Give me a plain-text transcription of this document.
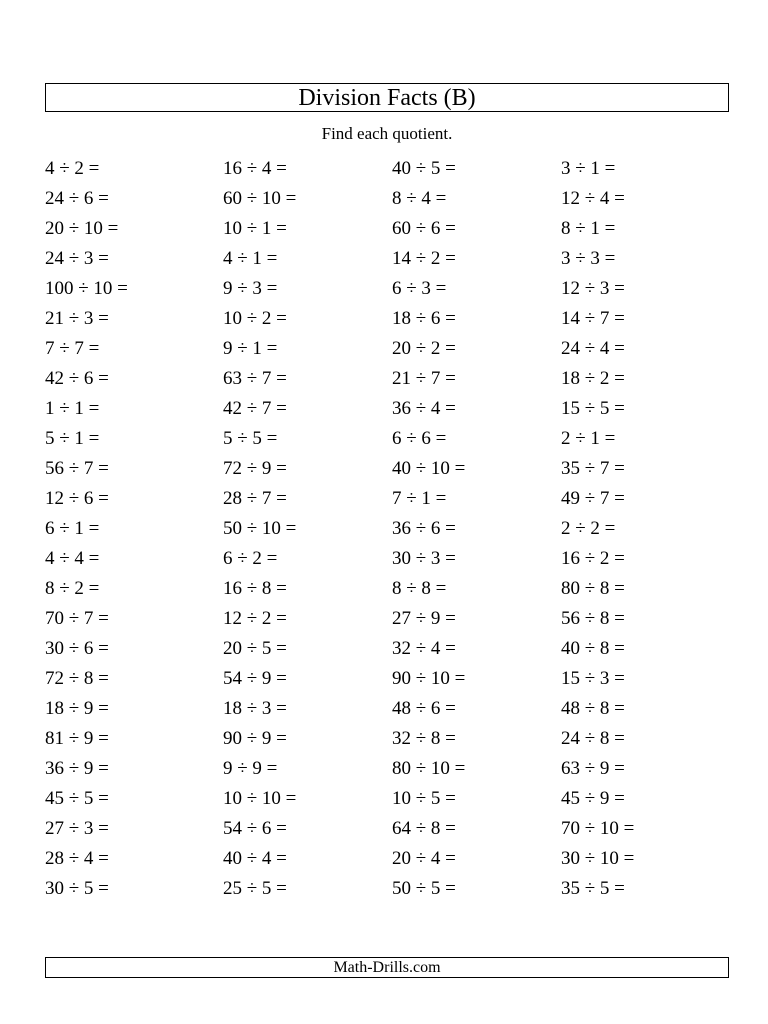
Division Facts (B)
Find each quotient.
4 ÷ 2 =
24 ÷ 6 =
20 ÷ 10 =
24 ÷ 3 =
100 ÷ 10 =
21 ÷ 3 =
7 ÷ 7 =
42 ÷ 6 =
1 ÷ 1 =
5 ÷ 1 =
56 ÷ 7 =
12 ÷ 6 =
6 ÷ 1 =
4 ÷ 4 =
8 ÷ 2 =
70 ÷ 7 =
30 ÷ 6 =
72 ÷ 8 =
18 ÷ 9 =
81 ÷ 9 =
36 ÷ 9 =
45 ÷ 5 =
27 ÷ 3 =
28 ÷ 4 =
30 ÷ 5 =
16 ÷ 4 =
60 ÷ 10 =
10 ÷ 1 =
4 ÷ 1 =
9 ÷ 3 =
10 ÷ 2 =
9 ÷ 1 =
63 ÷ 7 =
42 ÷ 7 =
5 ÷ 5 =
72 ÷ 9 =
28 ÷ 7 =
50 ÷ 10 =
6 ÷ 2 =
16 ÷ 8 =
12 ÷ 2 =
20 ÷ 5 =
54 ÷ 9 =
18 ÷ 3 =
90 ÷ 9 =
9 ÷ 9 =
10 ÷ 10 =
54 ÷ 6 =
40 ÷ 4 =
25 ÷ 5 =
40 ÷ 5 =
8 ÷ 4 =
60 ÷ 6 =
14 ÷ 2 =
6 ÷ 3 =
18 ÷ 6 =
20 ÷ 2 =
21 ÷ 7 =
36 ÷ 4 =
6 ÷ 6 =
40 ÷ 10 =
7 ÷ 1 =
36 ÷ 6 =
30 ÷ 3 =
8 ÷ 8 =
27 ÷ 9 =
32 ÷ 4 =
90 ÷ 10 =
48 ÷ 6 =
32 ÷ 8 =
80 ÷ 10 =
10 ÷ 5 =
64 ÷ 8 =
20 ÷ 4 =
50 ÷ 5 =
3 ÷ 1 =
12 ÷ 4 =
8 ÷ 1 =
3 ÷ 3 =
12 ÷ 3 =
14 ÷ 7 =
24 ÷ 4 =
18 ÷ 2 =
15 ÷ 5 =
2 ÷ 1 =
35 ÷ 7 =
49 ÷ 7 =
2 ÷ 2 =
16 ÷ 2 =
80 ÷ 8 =
56 ÷ 8 =
40 ÷ 8 =
15 ÷ 3 =
48 ÷ 8 =
24 ÷ 8 =
63 ÷ 9 =
45 ÷ 9 =
70 ÷ 10 =
30 ÷ 10 =
35 ÷ 5 =
Math-Drills.com
